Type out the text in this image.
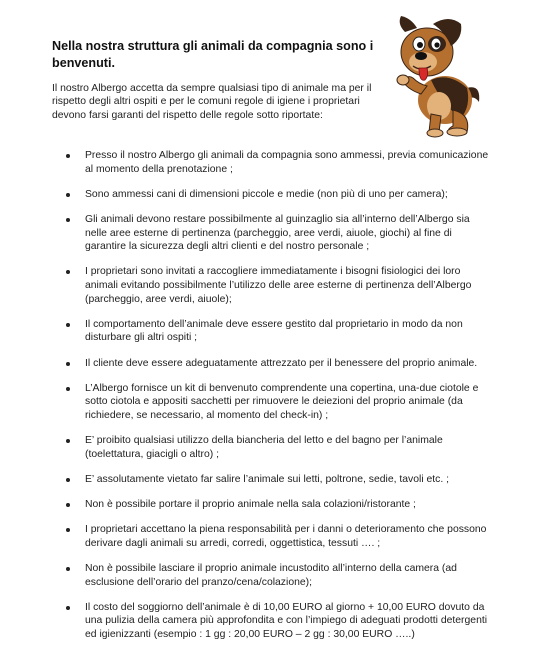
Nella nostra struttura gli animali da compagnia sono i benvenuti.
Il nostro Albergo accetta da sempre qualsiasi tipo di animale ma per il rispetto degli altri ospiti e per le comuni regole di igiene i proprietari devono farsi garanti del rispetto delle regole sotto riportate:
Presso il nostro Albergo gli animali da compagnia sono ammessi, previa comunicazione al momento della prenotazione ;
Sono ammessi cani di dimensioni piccole e medie (non più di uno per camera);
Gli animali devono restare possibilmente al guinzaglio sia all’interno dell’Albergo sia nelle aree esterne di pertinenza (parcheggio, aree verdi, aiuole, giochi) al fine di garantire la sicurezza degli altri clienti e del nostro personale ;
I proprietari sono invitati a raccogliere immediatamente i bisogni fisiologici dei loro animali evitando possibilmente l’utilizzo delle aree esterne di pertinenza dell’Albergo (parcheggio, aree verdi, aiuole);
Il comportamento dell’animale deve essere gestito dal proprietario in modo da non disturbare gli altri ospiti ;
Il cliente deve essere adeguatamente attrezzato per il benessere del proprio animale.
L’Albergo fornisce un kit di benvenuto comprendente una copertina, una-due ciotole e sotto ciotola e appositi sacchetti per rimuovere le deiezioni del proprio animale (da richiedere, se necessario, al momento del check-in) ;
E’ proibito qualsiasi utilizzo della biancheria del letto e del bagno per l’animale (toelettatura, giacigli o altro) ;
E’ assolutamente vietato far salire l’animale sui letti, poltrone, sedie, tavoli etc. ;
Non è possibile portare il proprio animale nella sala colazioni/ristorante ;
I proprietari accettano la piena responsabilità per i danni o deterioramento che possono derivare dagli animali su arredi, corredi, oggettistica, tessuti …. ;
Non è possibile lasciare il proprio animale incustodito all’interno della camera (ad esclusione dell’orario del pranzo/cena/colazione);
Il costo del soggiorno dell’animale è di 10,00 EURO al giorno + 10,00 EURO dovuto da una pulizia della camera più approfondita e con l’impiego di adeguati prodotti detergenti ed igienizzanti (esempio : 1 gg : 20,00 EURO – 2 gg : 30,00 EURO …..)
